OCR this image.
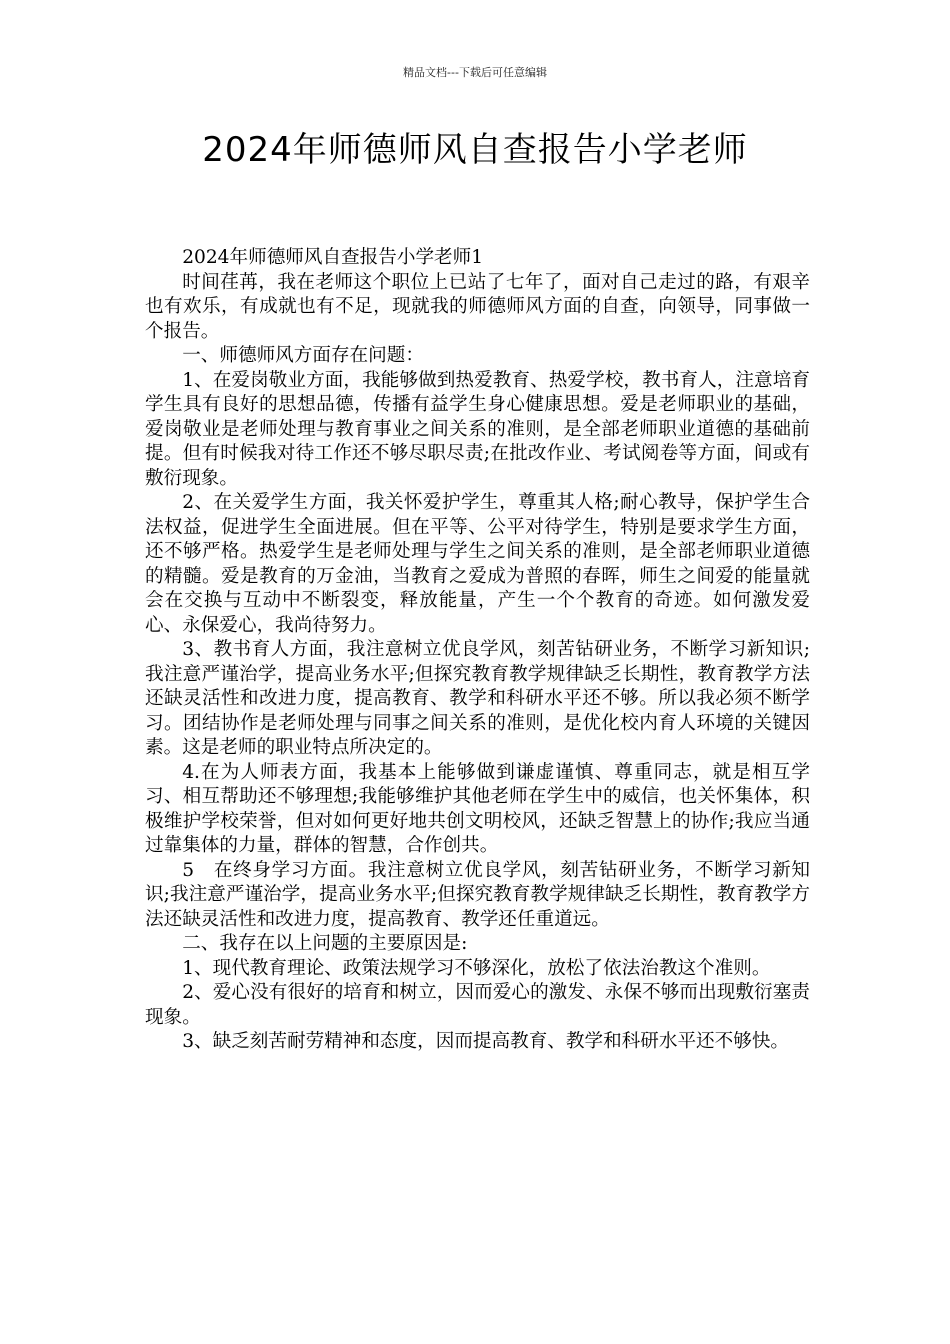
精品文档---下载后可任意编辑
2024年师德师风自查报告小学老师

2024年师德师风自查报告小学老师1

时间荏苒，我在老师这个职位上已站了七年了，面对自己走过的路，有艰辛也有欢乐，有成就也有不足，现就我的师德师风方面的自查，向领导，同事做一个报告。

一、师德师风方面存在问题：

1、在爱岗敬业方面，我能够做到热爱教育、热爱学校，教书育人，注意培育学生具有良好的思想品德，传播有益学生身心健康思想。爱是老师职业的基础，爱岗敬业是老师处理与教育事业之间关系的准则，是全部老师职业道德的基础前提。但有时候我对待工作还不够尽职尽责;在批改作业、考试阅卷等方面，间或有敷衍现象。

2、在关爱学生方面，我关怀爱护学生，尊重其人格;耐心教导，保护学生合法权益，促进学生全面进展。但在平等、公平对待学生，特别是要求学生方面，还不够严格。热爱学生是老师处理与学生之间关系的准则，是全部老师职业道德的精髓。爱是教育的万金油，当教育之爱成为普照的春晖，师生之间爱的能量就会在交换与互动中不断裂变，释放能量，产生一个个教育的奇迹。如何激发爱心、永保爱心，我尚待努力。

3、教书育人方面，我注意树立优良学风，刻苦钻研业务，不断学习新知识;我注意严谨治学，提高业务水平;但探究教育教学规律缺乏长期性，教育教学方法还缺灵活性和改进力度，提高教育、教学和科研水平还不够。所以我必须不断学习。团结协作是老师处理与同事之间关系的准则，是优化校内育人环境的关键因素。这是老师的职业特点所决定的。

4.在为人师表方面，我基本上能够做到谦虚谨慎、尊重同志，就是相互学习、相互帮助还不够理想;我能够维护其他老师在学生中的威信，也关怀集体，积极维护学校荣誉，但对如何更好地共创文明校风，还缺乏智慧上的协作;我应当通过靠集体的力量，群体的智慧，合作创共。

5　在终身学习方面。我注意树立优良学风，刻苦钻研业务，不断学习新知识;我注意严谨治学，提高业务水平;但探究教育教学规律缺乏长期性，教育教学方法还缺灵活性和改进力度，提高教育、教学还任重道远。

二、我存在以上问题的主要原因是:

1、现代教育理论、政策法规学习不够深化，放松了依法治教这个准则。

2、爱心没有很好的培育和树立，因而爱心的激发、永保不够而出现敷衍塞责现象。

3、缺乏刻苦耐劳精神和态度，因而提高教育、教学和科研水平还不够快。
